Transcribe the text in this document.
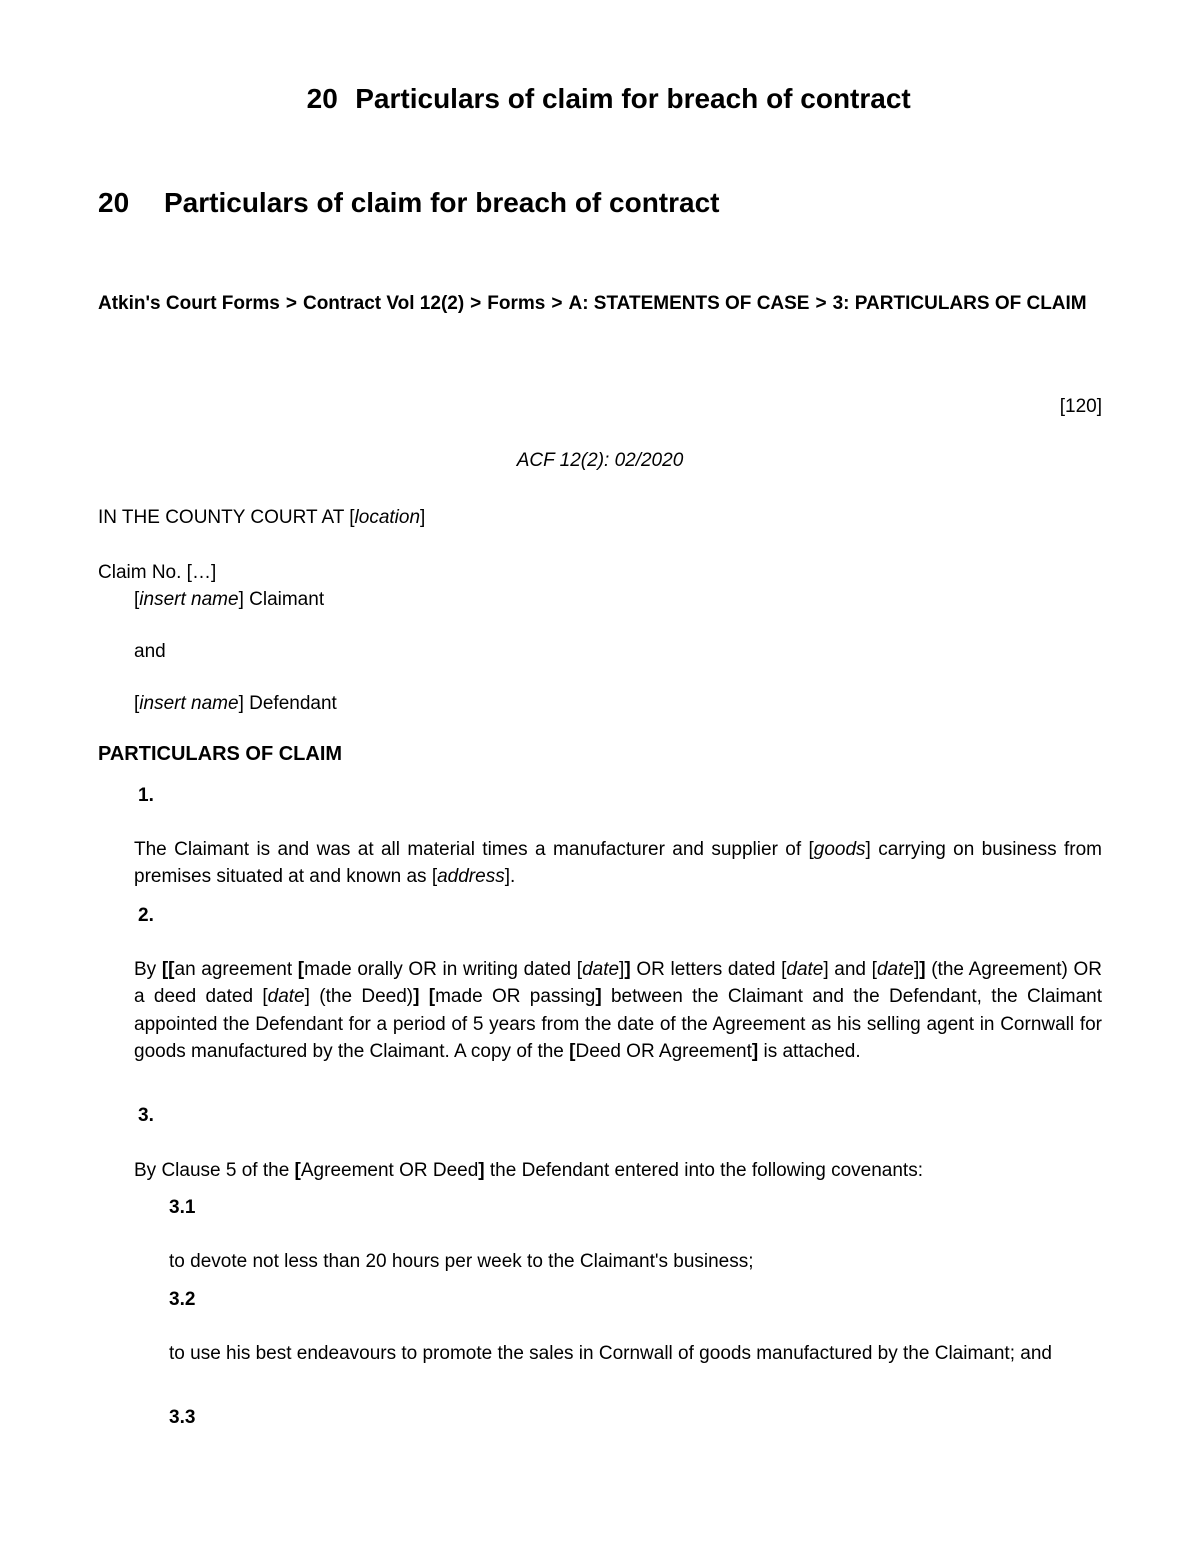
20 Particulars of claim for breach of contract
20 Particulars of claim for breach of contract
Atkin's Court Forms > Contract Vol 12(2) > Forms > A: STATEMENTS OF CASE > 3: PARTICULARS OF CLAIM
[120]
ACF 12(2): 02/2020
IN THE COUNTY COURT AT [location]
Claim No. […]
[insert name] Claimant
and
[insert name] Defendant
PARTICULARS OF CLAIM
1.
The Claimant is and was at all material times a manufacturer and supplier of [goods] carrying on business from premises situated at and known as [address].
2.
By [[an agreement [made orally OR in writing dated [date]] OR letters dated [date] and [date]] (the Agreement) OR a deed dated [date] (the Deed)] [made OR passing] between the Claimant and the Defendant, the Claimant appointed the Defendant for a period of 5 years from the date of the Agreement as his selling agent in Cornwall for goods manufactured by the Claimant. A copy of the [Deed OR Agreement] is attached.
3.
By Clause 5 of the [Agreement OR Deed] the Defendant entered into the following covenants:
3.1
to devote not less than 20 hours per week to the Claimant's business;
3.2
to use his best endeavours to promote the sales in Cornwall of goods manufactured by the Claimant; and
3.3
